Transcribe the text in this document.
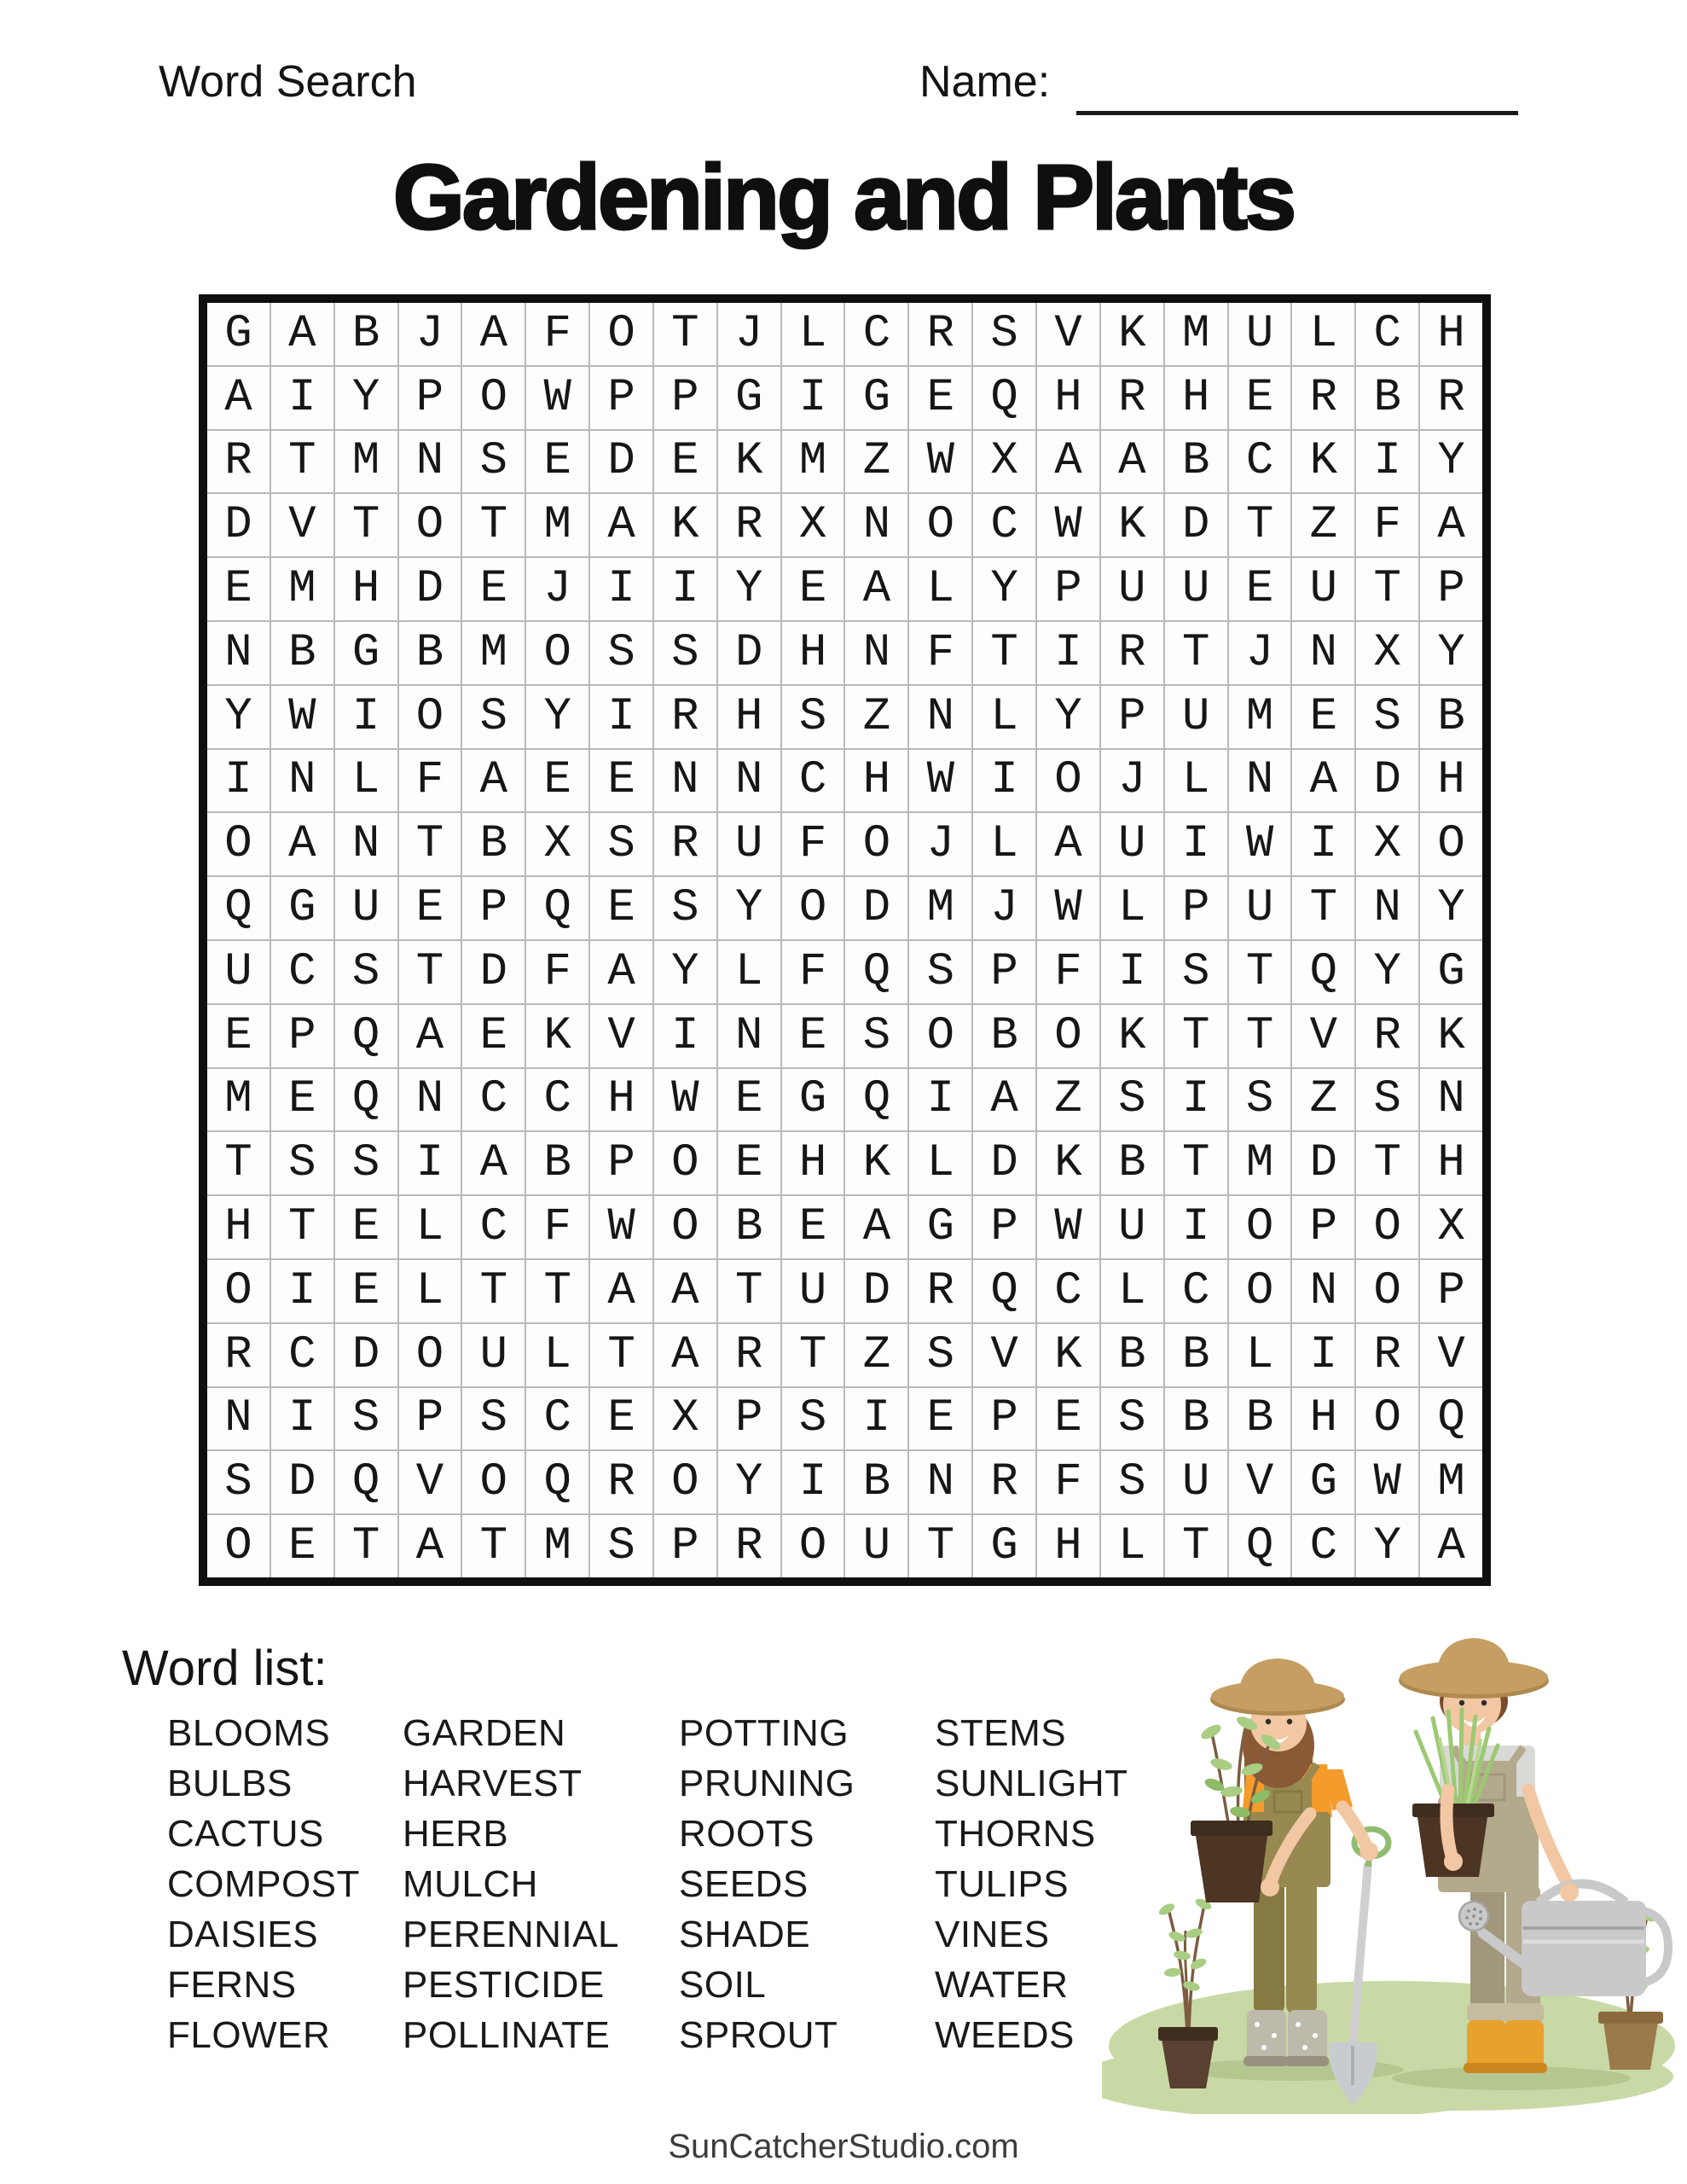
Word Search	Name:
Gardening and Plants
G A B J A F O T J L C R S V K M U L C H
A I Y P O W P P G I G E Q H R H E R B R
R T M N S E D E K M Z W X A A B C K I Y
D V T O T M A K R X N O C W K D T Z F A
E M H D E J I I Y E A L Y P U U E U T P
N B G B M O S S D H N F T I R T J N X Y
Y W I O S Y I R H S Z N L Y P U M E S B
I N L F A E E N N C H W I O J L N A D H
O A N T B X S R U F O J L A U I W I X O
Q G U E P Q E S Y O D M J W L P U T N Y
U C S T D F A Y L F Q S P F I S T Q Y G
E P Q A E K V I N E S O B O K T T V R K
M E Q N C C H W E G Q I A Z S I S Z S N
T S S I A B P O E H K L D K B T M D T H
H T E L C F W O B E A G P W U I O P O X
O I E L T T A A T U D R Q C L C O N O P
R C D O U L T A R T Z S V K B B L I R V
N I S P S C E X P S I E P E S B B H O Q
S D Q V O Q R O Y I B N R F S U V G W M
O E T A T M S P R O U T G H L T Q C Y A
Word list:
BLOOMS
BULBS
CACTUS
COMPOST
DAISIES
FERNS
FLOWER
GARDEN
HARVEST
HERB
MULCH
PERENNIAL
PESTICIDE
POLLINATE
POTTING
PRUNING
ROOTS
SEEDS
SHADE
SOIL
SPROUT
STEMS
SUNLIGHT
THORNS
TULIPS
VINES
WATER
WEEDS
SunCatcherStudio.com
